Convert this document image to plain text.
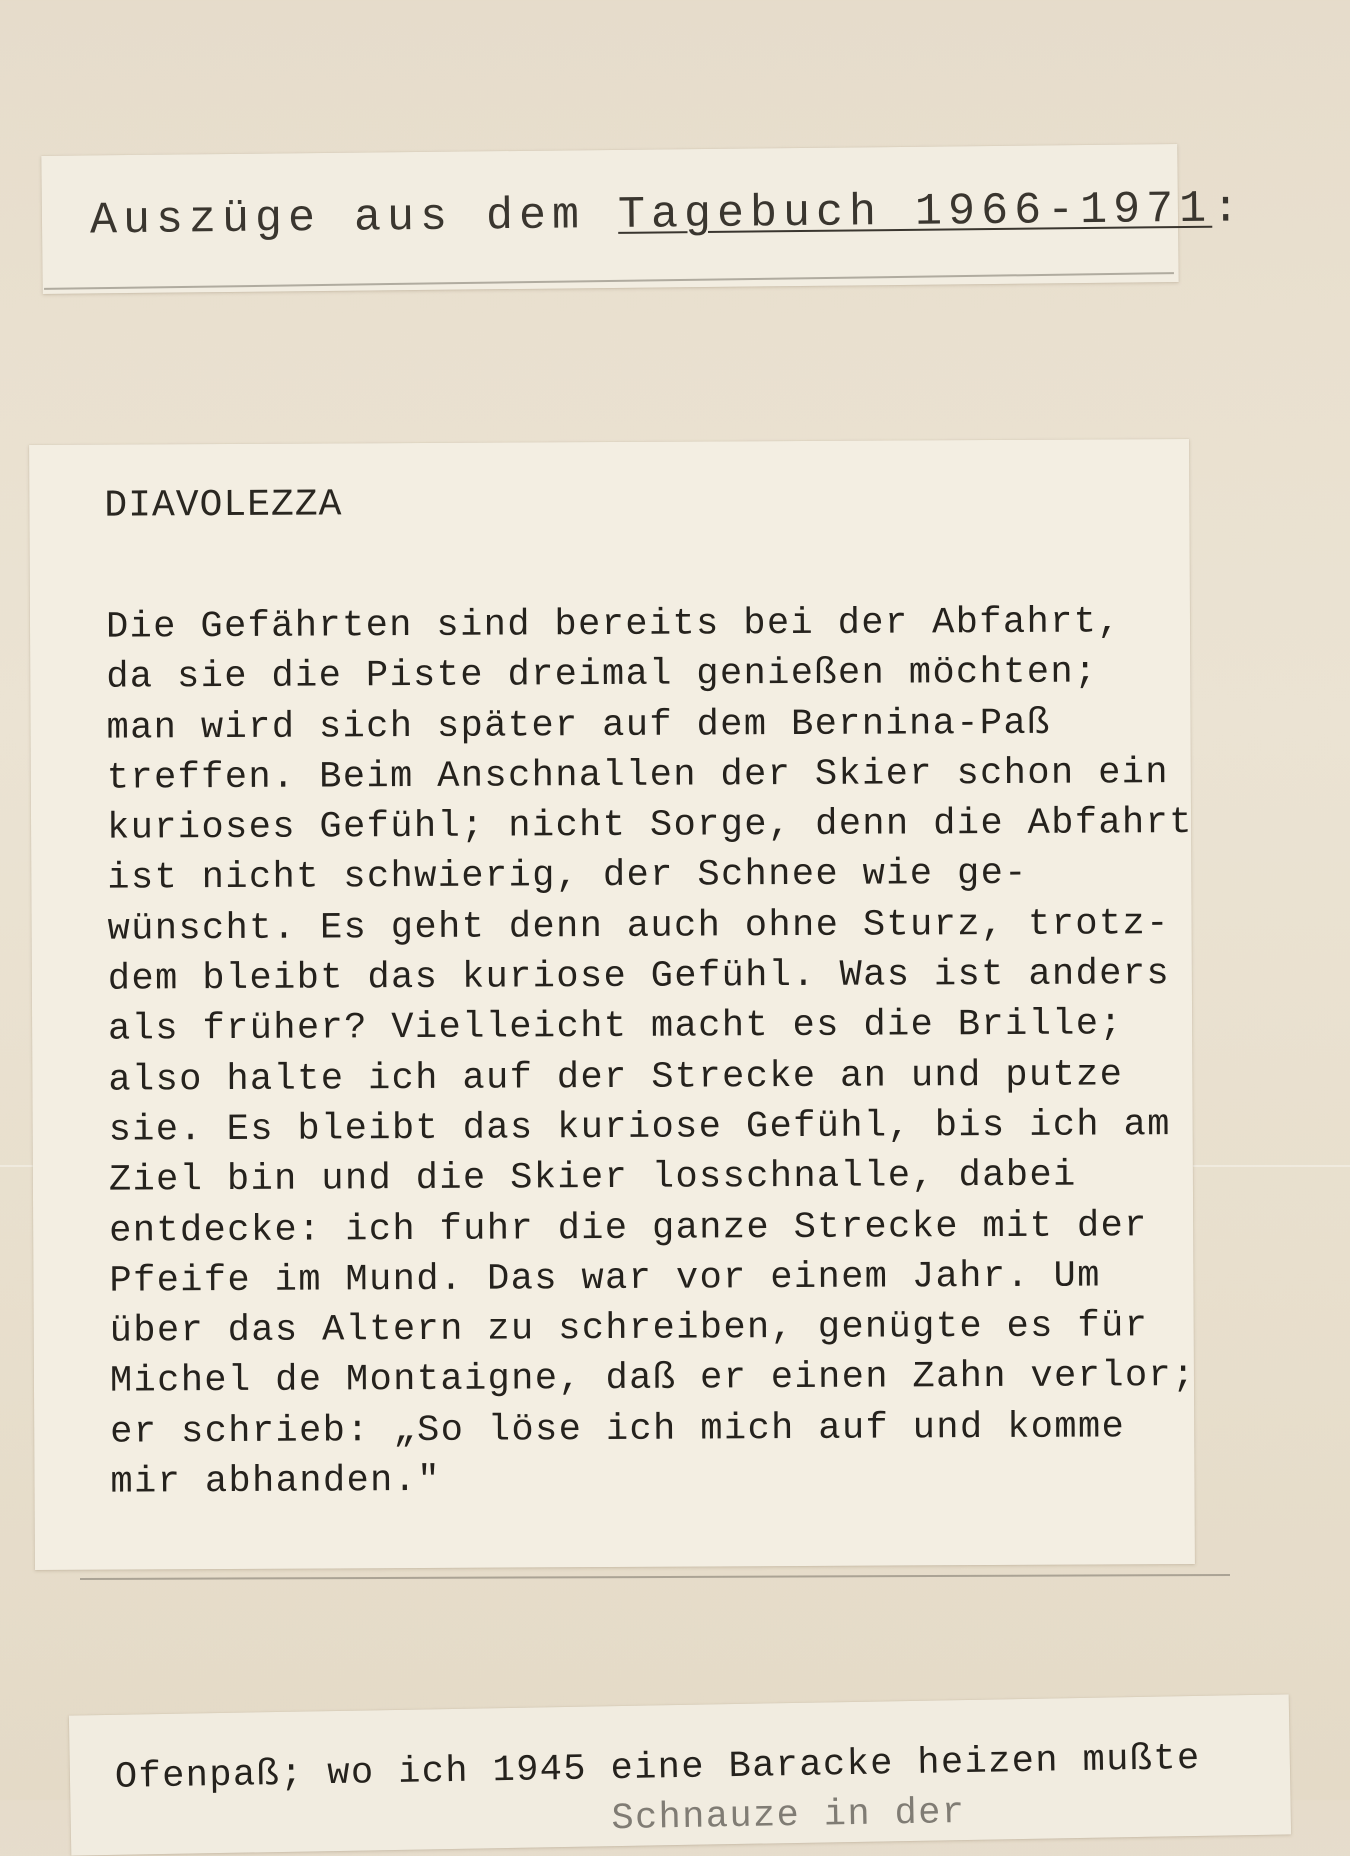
Auszüge aus dem Tagebuch 1966-1971:
DIAVOLEZZA
Die Gefährten sind bereits bei der Abfahrt,
da sie die Piste dreimal genießen möchten;
man wird sich später auf dem Bernina-Paß
treffen. Beim Anschnallen der Skier schon ein
kurioses Gefühl; nicht Sorge, denn die Abfahrt
ist nicht schwierig, der Schnee wie ge-
wünscht. Es geht denn auch ohne Sturz, trotz-
dem bleibt das kuriose Gefühl. Was ist anders
als früher? Vielleicht macht es die Brille;
also halte ich auf der Strecke an und putze
sie. Es bleibt das kuriose Gefühl, bis ich am
Ziel bin und die Skier losschnalle, dabei
entdecke: ich fuhr die ganze Strecke mit der
Pfeife im Mund. Das war vor einem Jahr. Um
über das Altern zu schreiben, genügte es für
Michel de Montaigne, daß er einen Zahn verlor;
er schrieb: „So löse ich mich auf und komme
mir abhanden."
Ofenpaß; wo ich 1945 eine Baracke heizen mußte
Schnauze in der
